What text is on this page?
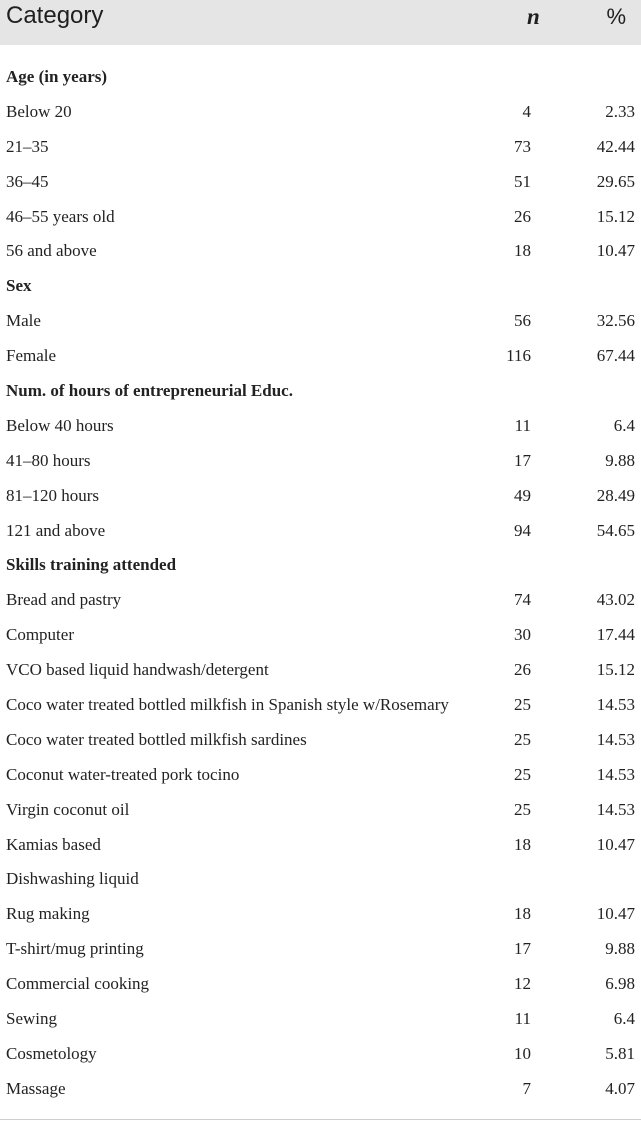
Category	n	%
Age (in years)
Below 20	4	2.33
21–35	73	42.44
36–45	51	29.65
46–55 years old	26	15.12
56 and above	18	10.47
Sex
Male	56	32.56
Female	116	67.44
Num. of hours of entrepreneurial Educ.
Below 40 hours	11	6.4
41–80 hours	17	9.88
81–120 hours	49	28.49
121 and above	94	54.65
Skills training attended
Bread and pastry	74	43.02
Computer	30	17.44
VCO based liquid handwash/detergent	26	15.12
Coco water treated bottled milkfish in Spanish style w/Rosemary	25	14.53
Coco water treated bottled milkfish sardines	25	14.53
Coconut water-treated pork tocino	25	14.53
Virgin coconut oil	25	14.53
Kamias based	18	10.47
Dishwashing liquid
Rug making	18	10.47
T-shirt/mug printing	17	9.88
Commercial cooking	12	6.98
Sewing	11	6.4
Cosmetology	10	5.81
Massage	7	4.07
